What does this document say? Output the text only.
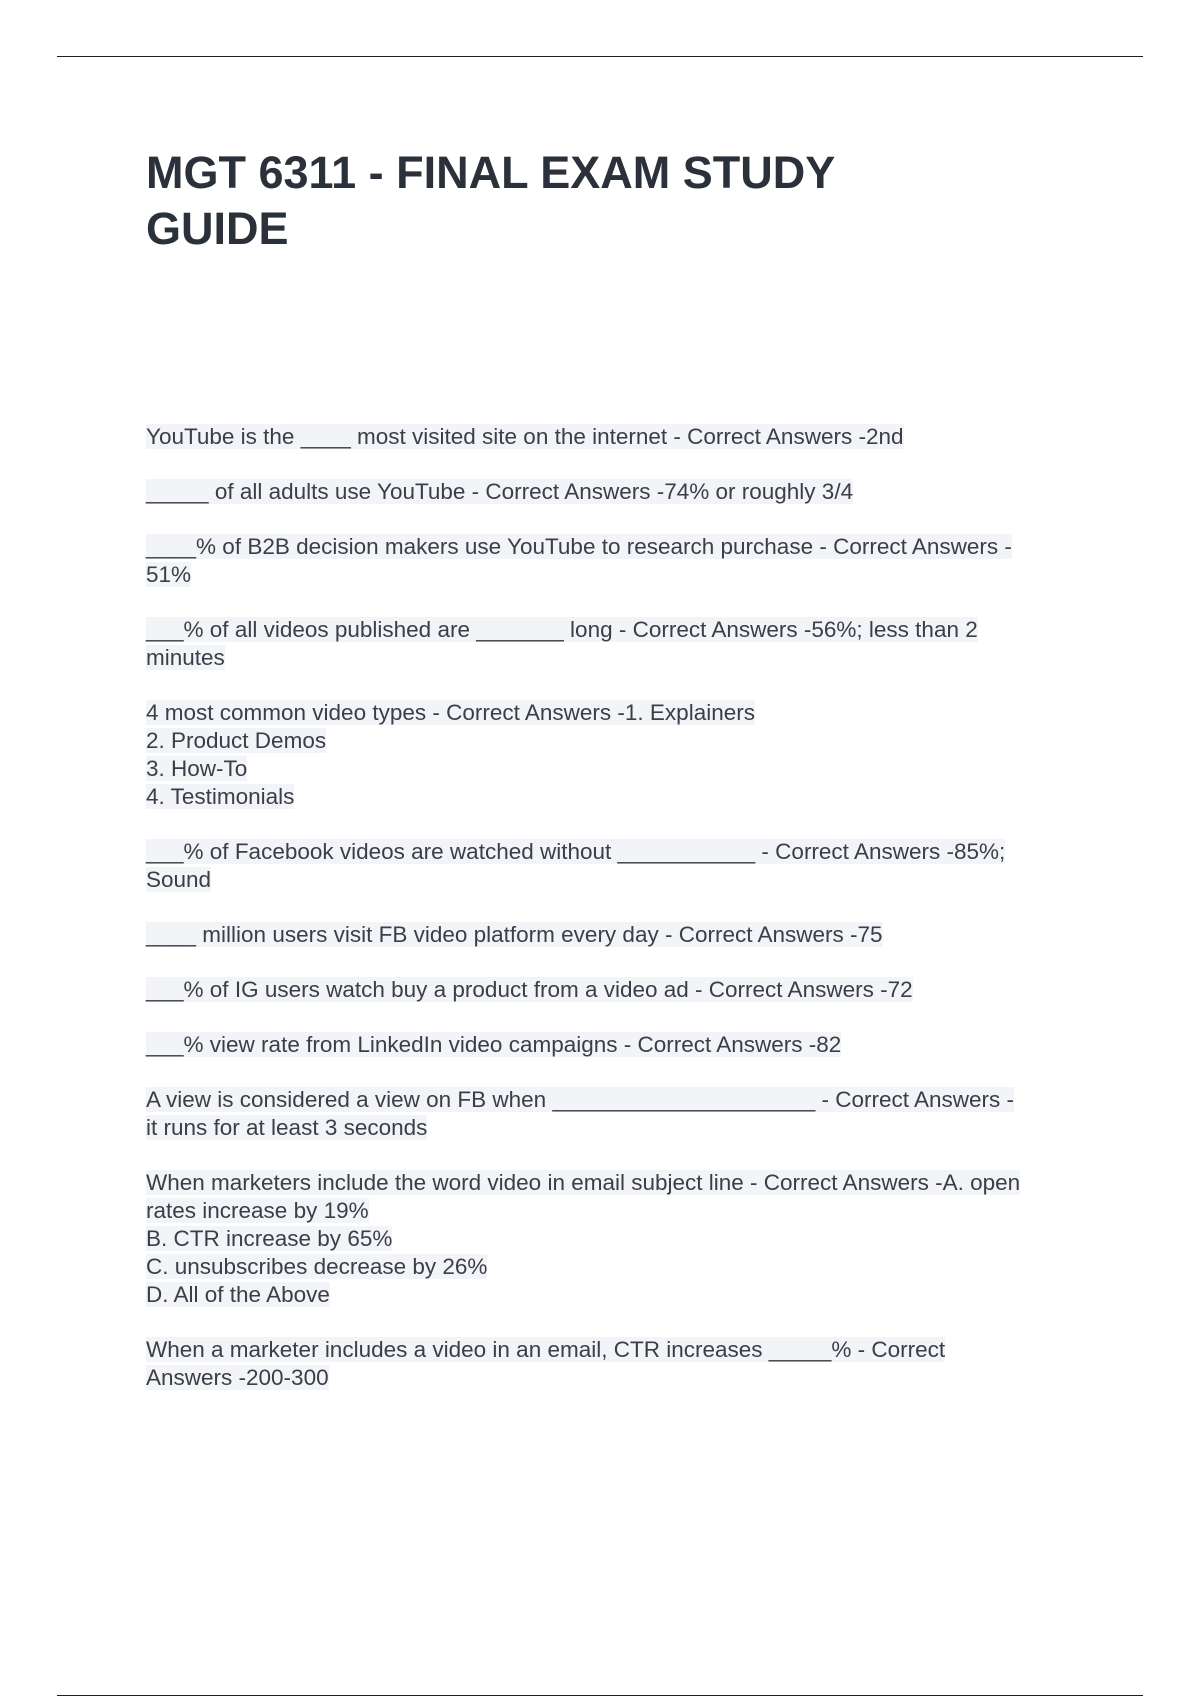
MGT 6311 - FINAL EXAM STUDY
GUIDE
YouTube is the ____ most visited site on the internet - Correct Answers -2nd
_____ of all adults use YouTube - Correct Answers -74% or roughly 3/4
____% of B2B decision makers use YouTube to research purchase - Correct Answers -
51%
___% of all videos published are _______ long - Correct Answers -56%; less than 2
minutes
4 most common video types - Correct Answers -1. Explainers
2. Product Demos
3. How-To
4. Testimonials
___% of Facebook videos are watched without ___________ - Correct Answers -85%;
Sound
____ million users visit FB video platform every day - Correct Answers -75
___% of IG users watch buy a product from a video ad - Correct Answers -72
___% view rate from LinkedIn video campaigns - Correct Answers -82
A view is considered a view on FB when _____________________ - Correct Answers -
it runs for at least 3 seconds
When marketers include the word video in email subject line - Correct Answers -A. open
rates increase by 19%
B. CTR increase by 65%
C. unsubscribes decrease by 26%
D. All of the Above
When a marketer includes a video in an email, CTR increases _____% - Correct
Answers -200-300
